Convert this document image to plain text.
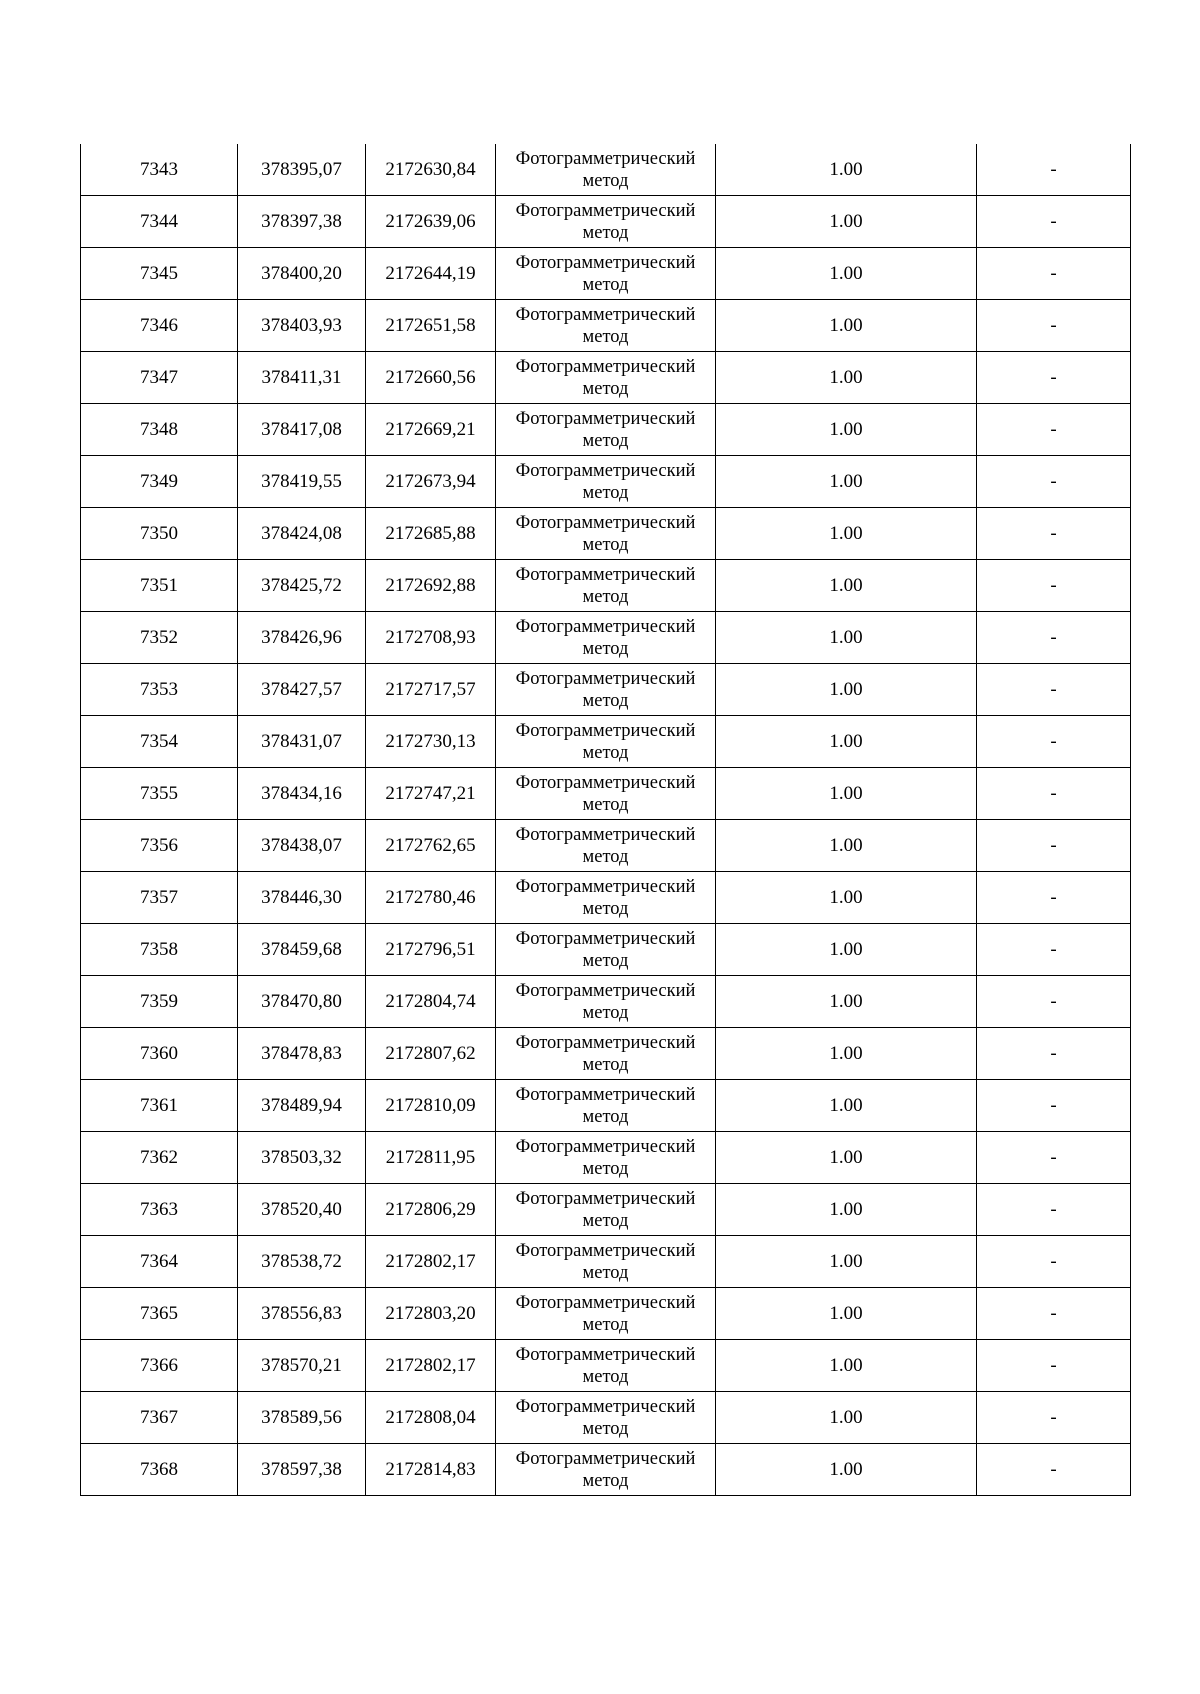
7343	378395,07	2172630,84	Фотограмметрический метод	1.00	-
7344	378397,38	2172639,06	Фотограмметрический метод	1.00	-
7345	378400,20	2172644,19	Фотограмметрический метод	1.00	-
7346	378403,93	2172651,58	Фотограмметрический метод	1.00	-
7347	378411,31	2172660,56	Фотограмметрический метод	1.00	-
7348	378417,08	2172669,21	Фотограмметрический метод	1.00	-
7349	378419,55	2172673,94	Фотограмметрический метод	1.00	-
7350	378424,08	2172685,88	Фотограмметрический метод	1.00	-
7351	378425,72	2172692,88	Фотограмметрический метод	1.00	-
7352	378426,96	2172708,93	Фотограмметрический метод	1.00	-
7353	378427,57	2172717,57	Фотограмметрический метод	1.00	-
7354	378431,07	2172730,13	Фотограмметрический метод	1.00	-
7355	378434,16	2172747,21	Фотограмметрический метод	1.00	-
7356	378438,07	2172762,65	Фотограмметрический метод	1.00	-
7357	378446,30	2172780,46	Фотограмметрический метод	1.00	-
7358	378459,68	2172796,51	Фотограмметрический метод	1.00	-
7359	378470,80	2172804,74	Фотограмметрический метод	1.00	-
7360	378478,83	2172807,62	Фотограмметрический метод	1.00	-
7361	378489,94	2172810,09	Фотограмметрический метод	1.00	-
7362	378503,32	2172811,95	Фотограмметрический метод	1.00	-
7363	378520,40	2172806,29	Фотограмметрический метод	1.00	-
7364	378538,72	2172802,17	Фотограмметрический метод	1.00	-
7365	378556,83	2172803,20	Фотограмметрический метод	1.00	-
7366	378570,21	2172802,17	Фотограмметрический метод	1.00	-
7367	378589,56	2172808,04	Фотограмметрический метод	1.00	-
7368	378597,38	2172814,83	Фотограмметрический метод	1.00	-
